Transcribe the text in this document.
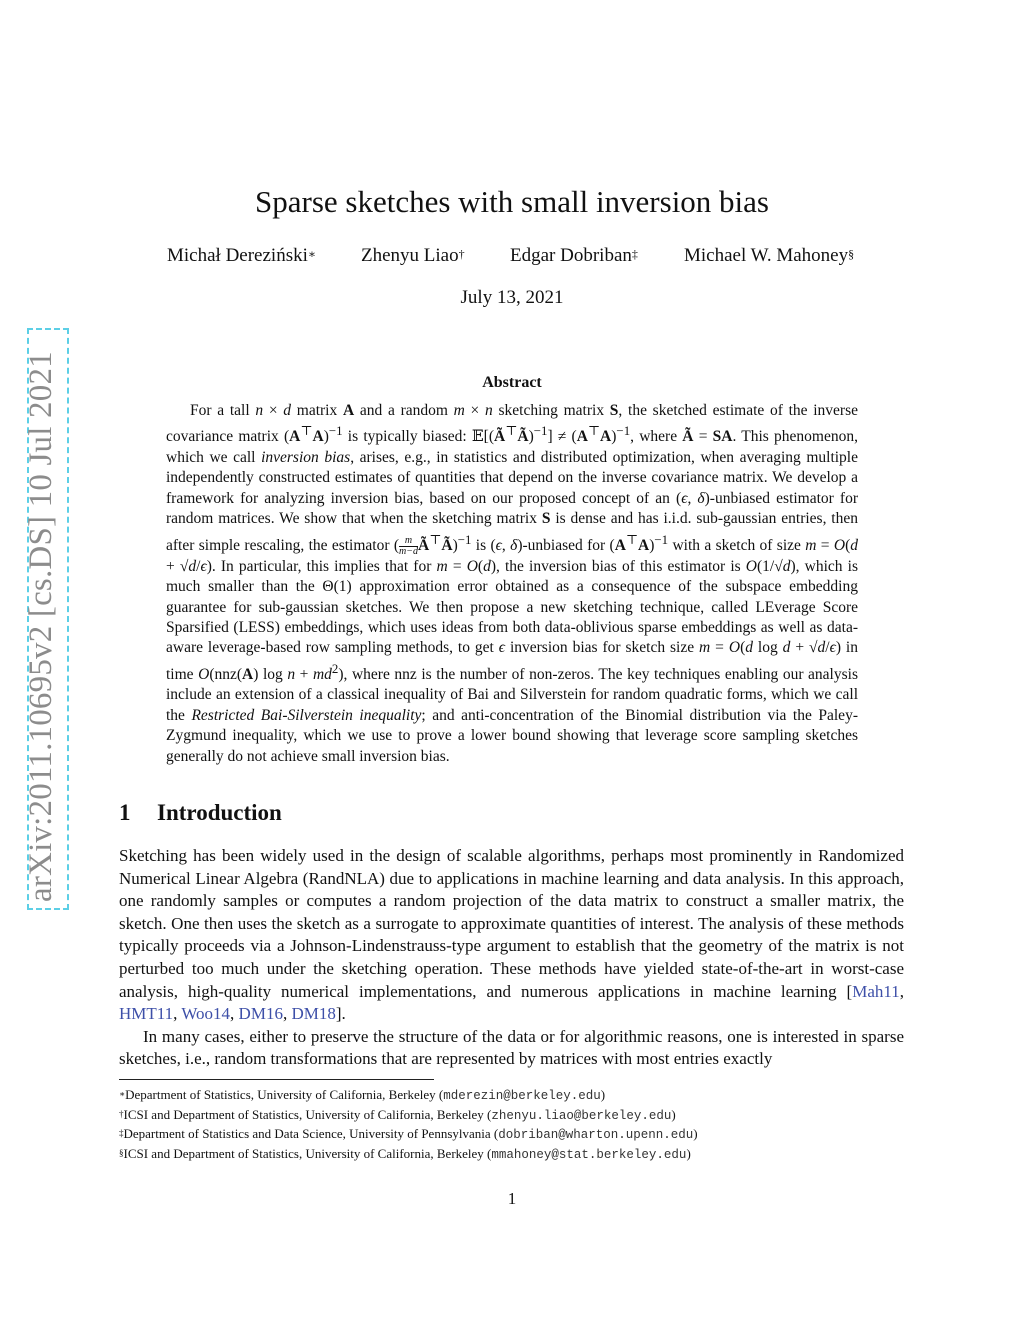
arXiv:2011.10695v2 [cs.DS] 10 Jul 2021
Sparse sketches with small inversion bias
Michał Dereziński∗ Zhenyu Liao† Edgar Dobriban‡ Michael W. Mahoney§
July 13, 2021
Abstract
For a tall n × d matrix A and a random m × n sketching matrix S, the sketched estimate of the inverse covariance matrix $(A^⊤A)^{-1}$ is typically biased: 𝔼[(Ã⊤Ã)$^{-1}$] ≠ $(A^⊤A)^{-1}$, where Ã = SA. This phenomenon, which we call inversion bias, arises, e.g., in statistics and distributed optimization, when averaging multiple independently constructed estimates of quantities that depend on the inverse covariance matrix. We develop a framework for analyzing inversion bias, based on our proposed concept of an (ϵ, δ)-unbiased estimator for random matrices. We show that when the sketching matrix S is dense and has i.i.d. sub-gaussian entries, then after simple rescaling, the estimator ( $\frac{m}{m-d}$ Ã⊤Ã)$^{-1}$ is (ϵ, δ)-unbiased for $(A^⊤A)^{-1}$ with a sketch of size m = O(d + √d/ϵ). In particular, this implies that for m = O(d), the inversion bias of this estimator is O(1/√d), which is much smaller than the Θ(1) approximation error obtained as a consequence of the subspace embedding guarantee for sub-gaussian sketches. We then propose a new sketching technique, called LEverage Score Sparsified (LESS) embeddings, which uses ideas from both data-oblivious sparse embeddings as well as data-aware leverage-based row sampling methods, to get ϵ inversion bias for sketch size m = O(d log d + √d/ϵ) in time O(nnz(A) $\log n + md^2$), where nnz is the number of non-zeros. The key techniques enabling our analysis include an extension of a classical inequality of Bai and Silverstein for random quadratic forms, which we call the Restricted Bai-Silverstein inequality; and anti-concentration of the Binomial distribution via the Paley-Zygmund inequality, which we use to prove a lower bound showing that leverage score sampling sketches generally do not achieve small inversion bias.
1 Introduction

Sketching has been widely used in the design of scalable algorithms, perhaps most prominently in Randomized Numerical Linear Algebra (RandNLA) due to applications in machine learning and data analysis. In this approach, one randomly samples or computes a random projection of the data matrix to construct a smaller matrix, the sketch. One then uses the sketch as a surrogate to approximate quantities of interest. The analysis of these methods typically proceeds via a Johnson-Lindenstrauss-type argument to establish that the geometry of the matrix is not perturbed too much under the sketching operation. These methods have yielded state-of-the-art in worst-case analysis, high-quality numerical implementations, and numerous applications in machine learning [Mah11, HMT11, Woo14, DM16, DM18].

In many cases, either to preserve the structure of the data or for algorithmic reasons, one is interested in sparse sketches, i.e., random transformations that are represented by matrices with most entries exactly

∗Department of Statistics, University of California, Berkeley (mderezin@berkeley.edu)
†ICSI and Department of Statistics, University of California, Berkeley (zhenyu.liao@berkeley.edu)
‡Department of Statistics and Data Science, University of Pennsylvania (dobriban@wharton.upenn.edu)
§ICSI and Department of Statistics, University of California, Berkeley (mmahoney@stat.berkeley.edu)
1
